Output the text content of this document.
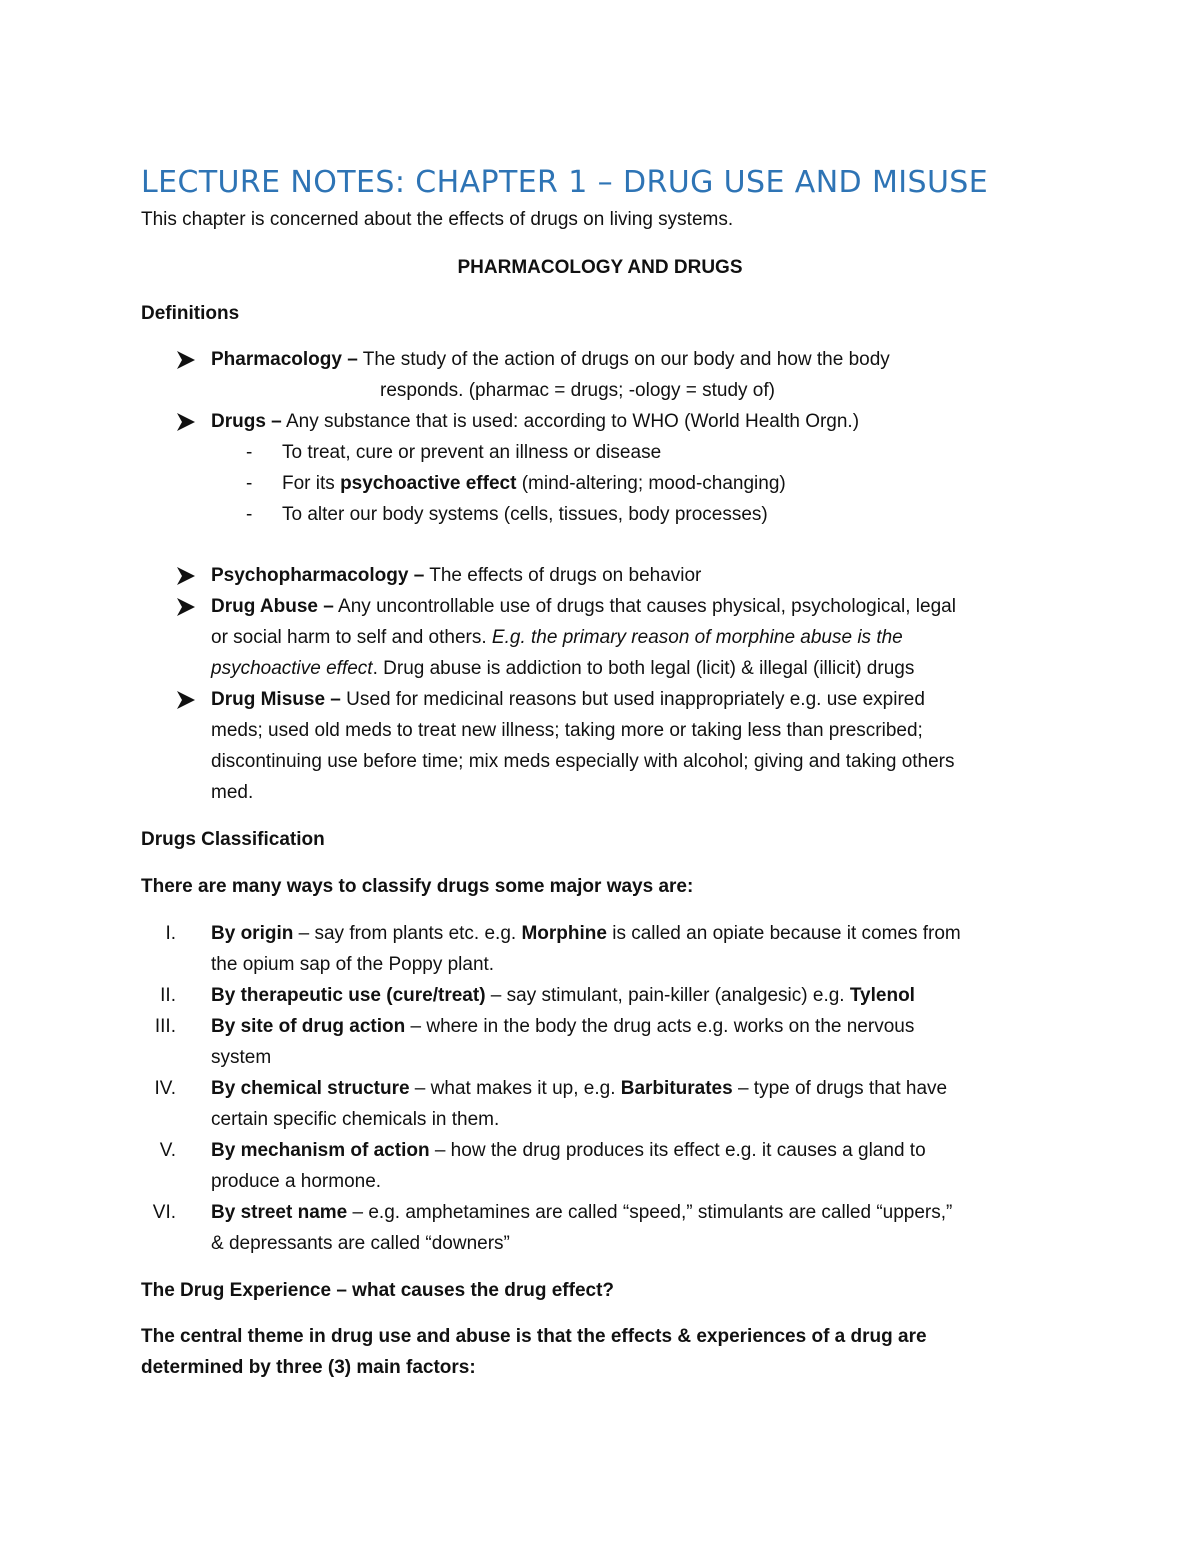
LECTURE NOTES: CHAPTER 1 – DRUG USE AND MISUSE
This chapter is concerned about the effects of drugs on living systems.
PHARMACOLOGY AND DRUGS
Definitions
Pharmacology – The study of the action of drugs on our body and how the body
responds. (pharmac = drugs; -ology = study of)
Drugs – Any substance that is used: according to WHO (World Health Orgn.)
- To treat, cure or prevent an illness or disease
- For its psychoactive effect (mind-altering; mood-changing)
- To alter our body systems (cells, tissues, body processes)
Psychopharmacology – The effects of drugs on behavior
Drug Abuse – Any uncontrollable use of drugs that causes physical, psychological, legal
or social harm to self and others. E.g. the primary reason of morphine abuse is the
psychoactive effect. Drug abuse is addiction to both legal (licit) & illegal (illicit) drugs
Drug Misuse – Used for medicinal reasons but used inappropriately e.g. use expired
meds; used old meds to treat new illness; taking more or taking less than prescribed;
discontinuing use before time; mix meds especially with alcohol; giving and taking others
med.
Drugs Classification
There are many ways to classify drugs some major ways are:
I. By origin – say from plants etc. e.g. Morphine is called an opiate because it comes from
the opium sap of the Poppy plant.
II. By therapeutic use (cure/treat) – say stimulant, pain-killer (analgesic) e.g. Tylenol
III. By site of drug action – where in the body the drug acts e.g. works on the nervous
system
IV. By chemical structure – what makes it up, e.g. Barbiturates – type of drugs that have
certain specific chemicals in them.
V. By mechanism of action – how the drug produces its effect e.g. it causes a gland to
produce a hormone.
VI. By street name – e.g. amphetamines are called “speed,” stimulants are called “uppers,”
& depressants are called “downers”
The Drug Experience – what causes the drug effect?
The central theme in drug use and abuse is that the effects & experiences of a drug are
determined by three (3) main factors:
